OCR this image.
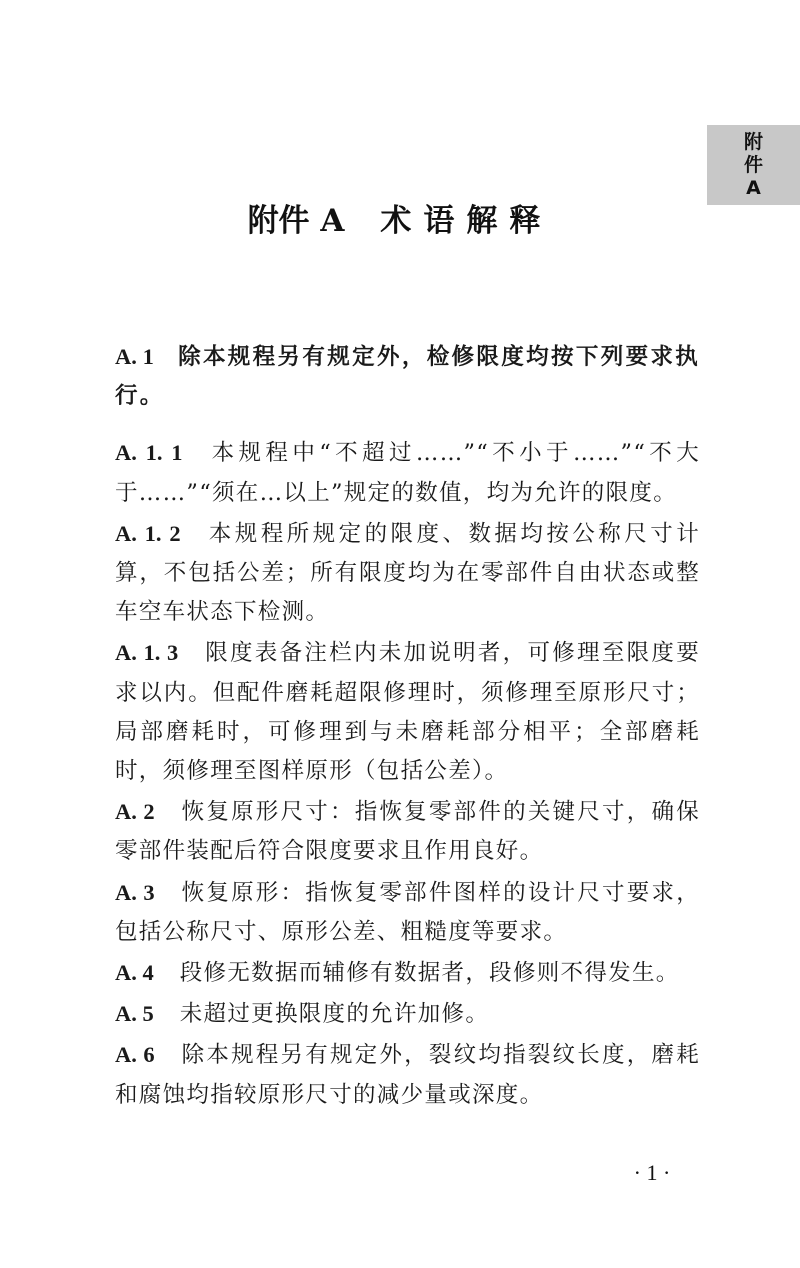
附
件
A
附件 A 术语解释

A. 1 除本规程另有规定外，检修限度均按下列要求执行。

A. 1. 1 本规程中“不超过……”“不小于……”“不大于……”“须在…以上”规定的数值，均为允许的限度。

A. 1. 2 本规程所规定的限度、数据均按公称尺寸计算，不包括公差；所有限度均为在零部件自由状态或整车空车状态下检测。

A. 1. 3 限度表备注栏内未加说明者，可修理至限度要求以内。但配件磨耗超限修理时，须修理至原形尺寸；局部磨耗时，可修理到与未磨耗部分相平；全部磨耗时，须修理至图样原形（包括公差）。

A. 2 恢复原形尺寸：指恢复零部件的关键尺寸，确保零部件装配后符合限度要求且作用良好。

A. 3 恢复原形：指恢复零部件图样的设计尺寸要求，包括公称尺寸、原形公差、粗糙度等要求。

A. 4 段修无数据而辅修有数据者，段修则不得发生。

A. 5 未超过更换限度的允许加修。

A. 6 除本规程另有规定外，裂纹均指裂纹长度，磨耗和腐蚀均指较原形尺寸的减少量或深度。

· 1 ·
